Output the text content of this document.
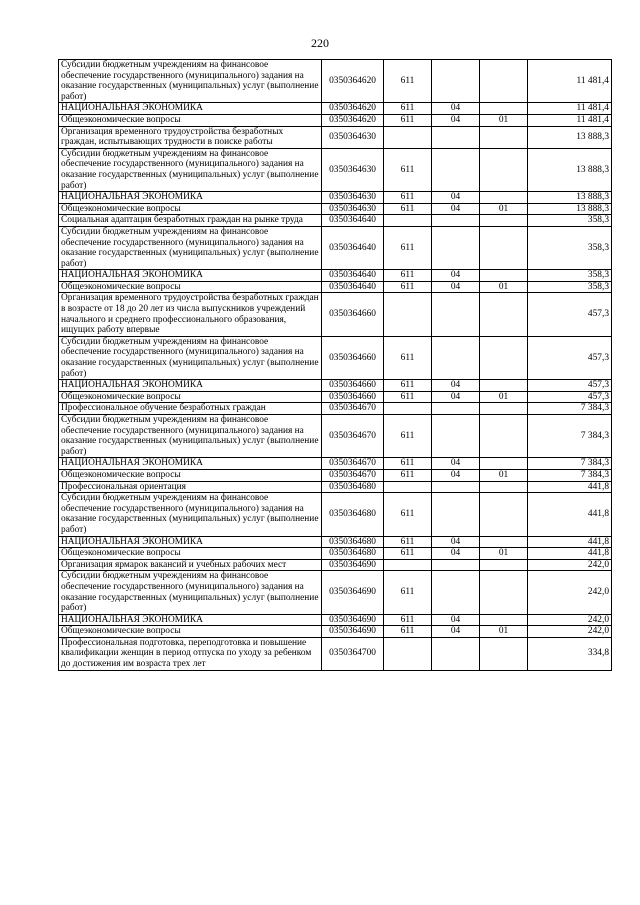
220
Субсидии бюджетным учреждениям на финансовое обеспечение государственного (муниципального) задания на оказание государственных (муниципальных) услуг (выполнение работ)	0350364620	611			11 481,4
НАЦИОНАЛЬНАЯ ЭКОНОМИКА	0350364620	611	04		11 481,4
Общеэкономические вопросы	0350364620	611	04	01	11 481,4
Организация временного трудоустройства безработных граждан, испытывающих трудности в поиске работы	0350364630				13 888,3
Субсидии бюджетным учреждениям на финансовое обеспечение государственного (муниципального) задания на оказание государственных (муниципальных) услуг (выполнение работ)	0350364630	611			13 888,3
НАЦИОНАЛЬНАЯ ЭКОНОМИКА	0350364630	611	04		13 888,3
Общеэкономические вопросы	0350364630	611	04	01	13 888,3
Социальная адаптация безработных граждан на рынке труда	0350364640				358,3
Субсидии бюджетным учреждениям на финансовое обеспечение государственного (муниципального) задания на оказание государственных (муниципальных) услуг (выполнение работ)	0350364640	611			358,3
НАЦИОНАЛЬНАЯ ЭКОНОМИКА	0350364640	611	04		358,3
Общеэкономические вопросы	0350364640	611	04	01	358,3
Организация временного трудоустройства безработных граждан в возрасте от 18 до 20 лет из числа выпускников учреждений начального и среднего профессионального образования, ищущих работу впервые	0350364660				457,3
Субсидии бюджетным учреждениям на финансовое обеспечение государственного (муниципального) задания на оказание государственных (муниципальных) услуг (выполнение работ)	0350364660	611			457,3
НАЦИОНАЛЬНАЯ ЭКОНОМИКА	0350364660	611	04		457,3
Общеэкономические вопросы	0350364660	611	04	01	457,3
Профессиональное обучение безработных граждан	0350364670				7 384,3
Субсидии бюджетным учреждениям на финансовое обеспечение государственного (муниципального) задания на оказание государственных (муниципальных) услуг (выполнение работ)	0350364670	611			7 384,3
НАЦИОНАЛЬНАЯ ЭКОНОМИКА	0350364670	611	04		7 384,3
Общеэкономические вопросы	0350364670	611	04	01	7 384,3
Профессиональная ориентация	0350364680				441,8
Субсидии бюджетным учреждениям на финансовое обеспечение государственного (муниципального) задания на оказание государственных (муниципальных) услуг (выполнение работ)	0350364680	611			441,8
НАЦИОНАЛЬНАЯ ЭКОНОМИКА	0350364680	611	04		441,8
Общеэкономические вопросы	0350364680	611	04	01	441,8
Организация ярмарок вакансий и учебных рабочих мест	0350364690				242,0
Субсидии бюджетным учреждениям на финансовое обеспечение государственного (муниципального) задания на оказание государственных (муниципальных) услуг (выполнение работ)	0350364690	611			242,0
НАЦИОНАЛЬНАЯ ЭКОНОМИКА	0350364690	611	04		242,0
Общеэкономические вопросы	0350364690	611	04	01	242,0
Профессиональная подготовка, переподготовка и повышение квалификации женщин в период отпуска по уходу за ребенком до достижения им возраста трех лет	0350364700				334,8
